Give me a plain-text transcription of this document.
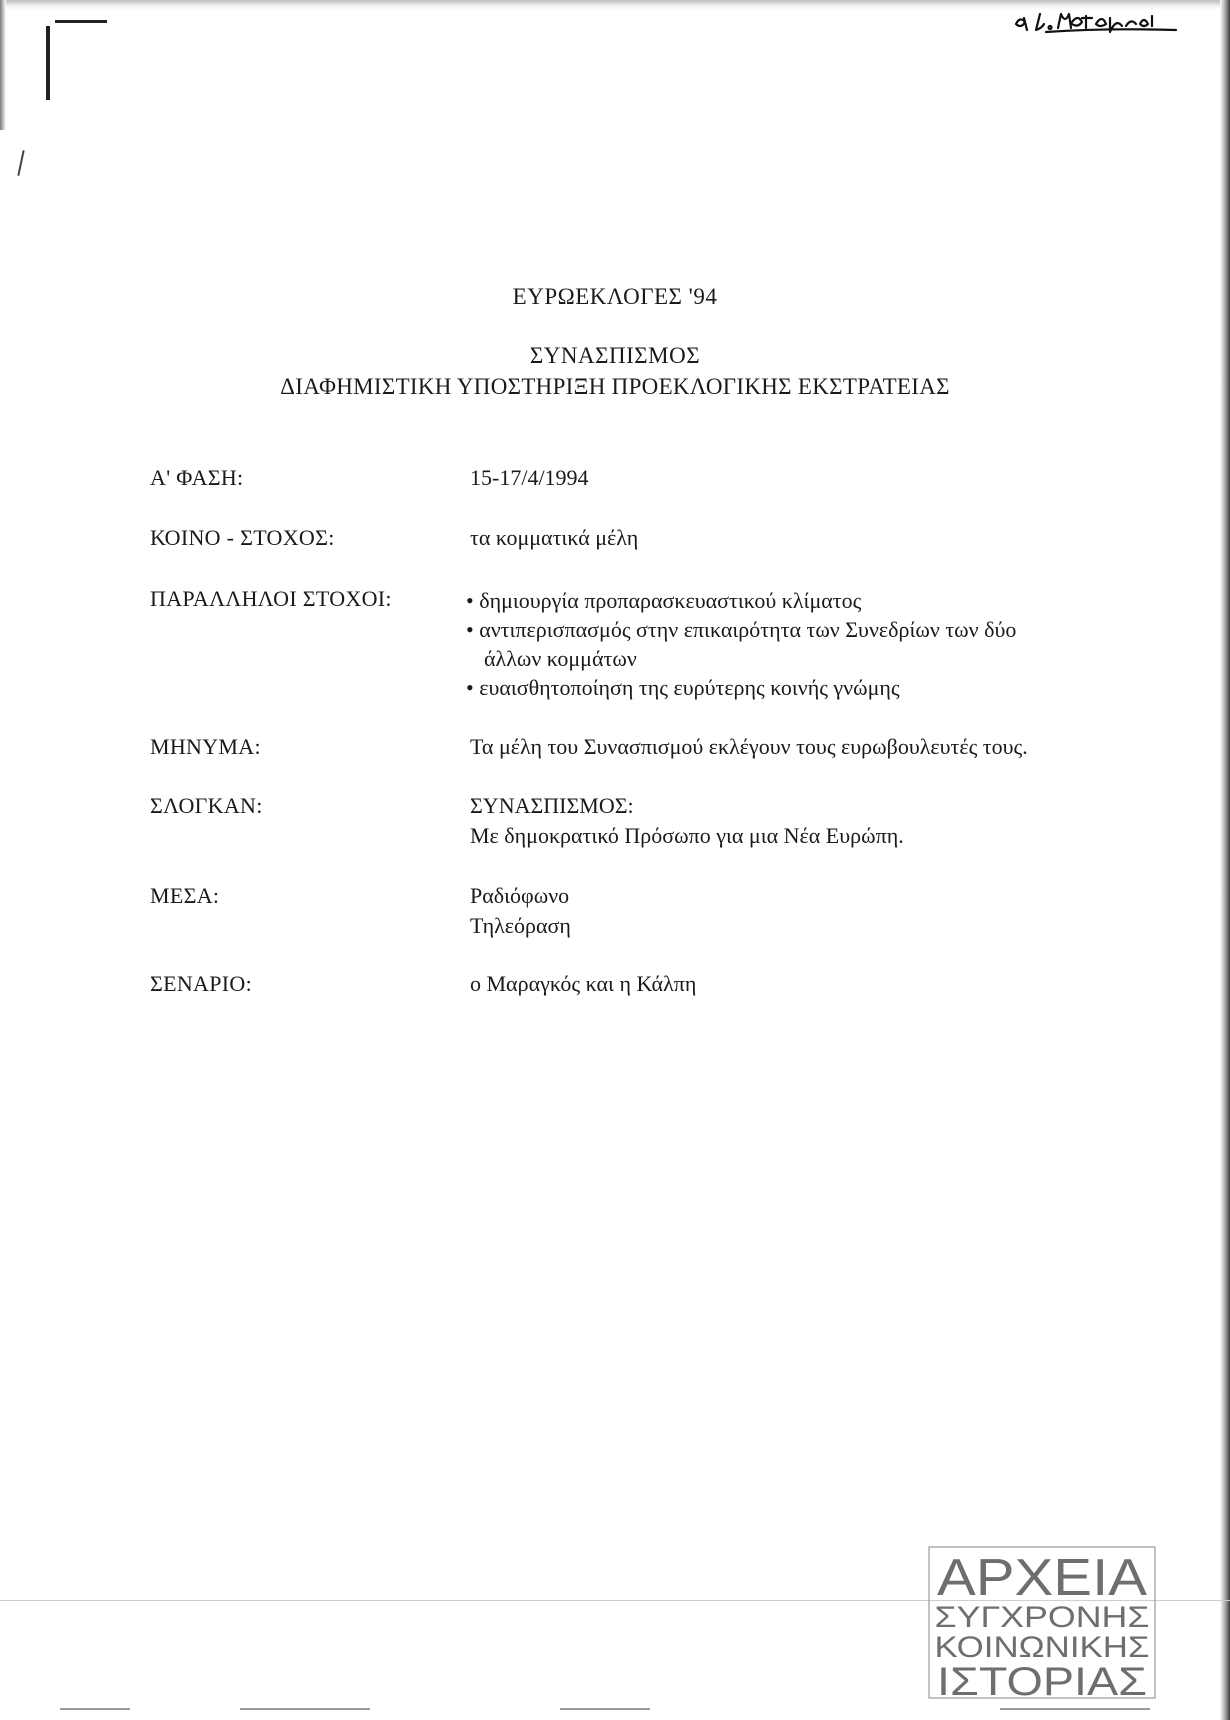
ΕΥΡΩΕΚΛΟΓΕΣ '94
ΣΥΝΑΣΠΙΣΜΟΣ
ΔΙΑΦΗΜΙΣΤΙΚΗ ΥΠΟΣΤΗΡΙΞΗ ΠΡΟΕΚΛΟΓΙΚΗΣ ΕΚΣΤΡΑΤΕΙΑΣ
Α' ΦΑΣΗ:	15-17/4/1994
ΚΟΙΝΟ - ΣΤΟΧΟΣ:	τα κομματικά μέλη
ΠΑΡΑΛΛΗΛΟΙ ΣΤΟΧΟΙ:	• δημιουργία προπαρασκευαστικού κλίματος
• αντιπερισπασμός στην επικαιρότητα των Συνεδρίων των δύο
άλλων κομμάτων
• ευαισθητοποίηση της ευρύτερης κοινής γνώμης
ΜΗΝΥΜΑ:	Τα μέλη του Συνασπισμού εκλέγουν τους ευρωβουλευτές τους.
ΣΛΟΓΚΑΝ:	ΣΥΝΑΣΠΙΣΜΟΣ:
Με δημοκρατικό Πρόσωπο για μια Νέα Ευρώπη.
ΜΕΣΑ:	Ραδιόφωνο
Τηλεόραση
ΣΕΝΑΡΙΟ:	ο Μαραγκός και η Κάλπη
ΑΡΧΕΙΑ
ΣΥΓΧΡΟΝΗΣ
ΚΟΙΝΩΝΙΚΗΣ
ΙΣΤΟΡΙΑΣ
